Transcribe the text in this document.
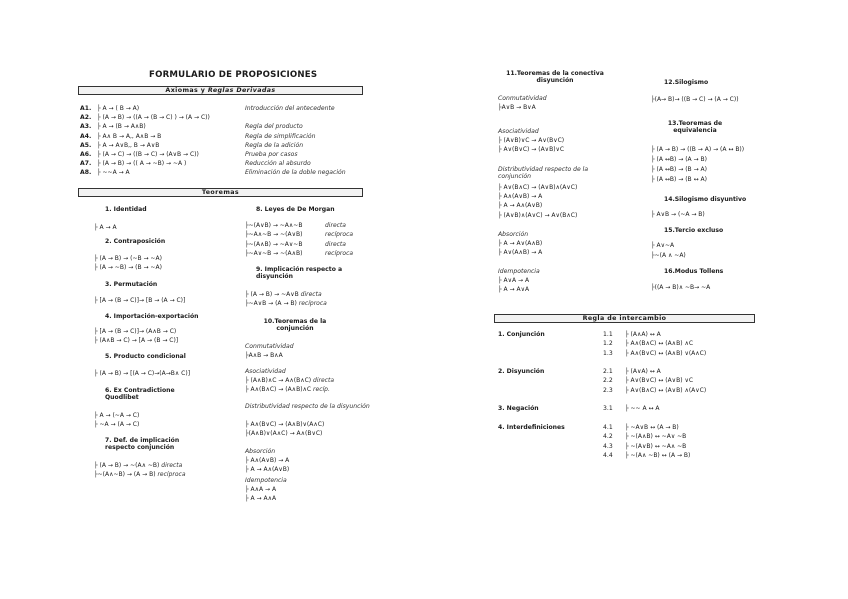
FORMULARIO DE PROPOSICIONES
Axiomas y Reglas Derivadas
A1. ├ A → ( B → A)	Introducción del antecedente
A2. ├ (A → B) → ((A → (B → C) ) → (A → C))
A3. ├ A → (B → A∧B)	Regla del producto
A4. ├ A∧ B → A,, A∧B → B	Regla de simplificación
A5. ├ A → A∨B,, B → A∨B	Regla de la adición
A6. ├ (A → C) → ((B → C) → (A∨B → C))	Prueba por casos
A7. ├ (A → B) → (( A → ~B) → ~A )	Reducción al absurdo
A8. ├ ~~A → A	Eliminación de la doble negación
Teoremas
1. Identidad
├ A → A
2. Contraposición
├ (A → B) → (~B → ~A)
├ (A → ~B) → (B → ~A)
3. Permutación
├ [A → (B → C)]→ [B → (A → C)]
4. Importación-exportación
├ [A → (B → C)]→ (A∧B → C)
├ (A∧B → C) → [A → (B → C)]
5. Producto condicional
├ (A → B) → [(A → C)→(A→B∧ C)]
6. Ex Contradictione Quodlibet
├ A → (~A → C)
├ ~A → (A → C)
7. Def. de implicación respecto conjunción
├ (A → B) → ~(A∧ ~B) directa
├~(A∧~B) → (A → B) recíproca
8. Leyes de De Morgan
├~(A∨B) → ~A∧~B	directa
├~A∧~B → ~(A∨B)	recíproca
├~(A∧B) → ~A∨~B	directa
├~A∨~B → ~(A∧B)	recíproca
9. Implicación respecto a disyunción
├ (A → B) → ~A∨B directa
├~A∨B → (A → B) recíproca
10.Teoremas de la conjunción
Conmutatividad
├A∧B → B∧A
Asociatividad
├ (A∧B)∧C → A∧(B∧C) directa
├ A∧(B∧C) → (A∧B)∧C recíp.
Distributividad respecto de la disyunción
├ A∧(B∨C) → (A∧B)∨(A∧C)
├(A∧B)∨(A∧C) → A∧(B∨C)
Absorción
├ A∧(A∨B) → A
├ A → A∧(A∨B)
Idempotencia
├ A∧A → A
├ A → A∧A
11.Teoremas de la conectiva disyunción
Conmutatividad
├A∨B → B∨A
Asociatividad
├ (A∨B)∨C → A∨(B∨C)
├ A∨(B∨C) → (A∨B)∨C
Distributividad respecto de la conjunción
├ A∨(B∧C) → (A∨B)∧(A∨C)
├ A∧(A∨B) → A
├ A → A∧(A∨B)
├ (A∨B)∧(A∨C) → A∨(B∧C)
Absorción
├ A → A∨(A∧B)
├ A∨(A∧B) → A
Idempotencia
├ A∨A → A
├ A → A∨A
12.Silogismo
├(A→ B)→ ((B → C) → (A → C))
13.Teoremas de equivalencia
├ (A → B) → ((B → A) → (A ↔ B))
├ (A ↔B) → (A → B)
├ (A ↔B) → (B → A)
├ (A ↔B) → (B ↔ A)
14.Silogismo disyuntivo
├ A∨B → (~A → B)
15.Tercio excluso
├ A∨~A
├~(A ∧ ~A)
16.Modus Tollens
├((A → B)∧ ~B→ ~A
Regla de intercambio
1. Conjunción	1.1 ├ (A∧A) ↔ A
1.2 ├ A∧(B∧C) ↔ (A∧B) ∧C
1.3 ├ A∧(B∨C) ↔ (A∧B) ∨(A∧C)
2. Disyunción	2.1 ├ (A∨A) ↔ A
2.2 ├ A∨(B∨C) ↔ (A∨B) ∨C
2.3 ├ A∨(B∧C) ↔ (A∨B) ∧(A∨C)
3. Negación	3.1 ├ ~~ A ↔ A
4. Interdefiniciones	4.1 ├ ~A∨B ↔ (A → B)
4.2 ├ ~(A∧B) ↔ ~A∨ ~B
4.3 ├ ~(A∨B) ↔ ~A∧ ~B
4.4 ├ ~(A∧ ~B) ↔ (A → B)
